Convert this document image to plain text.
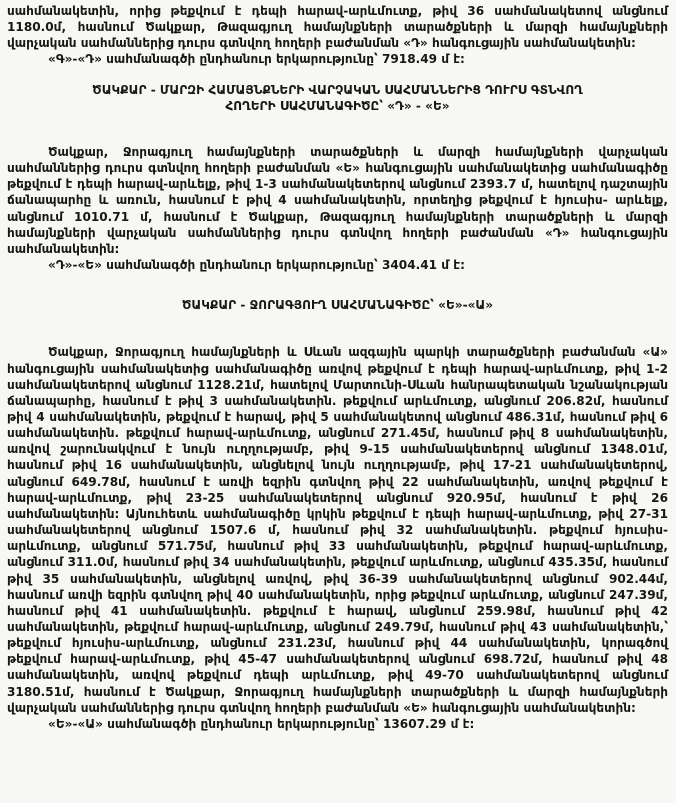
սահմանակետին, որից թեքվում է դեպի հարավ-արևմուտք, թիվ 36 սահմանակետով անցնում 1180.0մ, հասնում Ծակքար, Թազագյուղ համայնքների տարածքների և մարզի համայնքների վարչական սահմաններից դուրս գտնվող հողերի բաժանման «Դ» հանգուցային սահմանակետին:

«Գ»-«Դ» սահմանագծի ընդհանուր երկարությունը՝ 7918.49 մ է:

ԾԱԿՔԱՐ - ՄԱՐԶԻ ՀԱՄԱՅՆՔՆԵՐԻ ՎԱՐՉԱԿԱՆ ՍԱՀՄԱՆՆԵՐԻՑ ԴՈՒՐՍ ԳՏՆՎՈՂ
ՀՈՂԵՐԻ ՍԱՀՄԱՆԱԳԻԾԸ՝ «Դ» - «Ե»

Ծակքար, Ջորագյուղ համայնքների տարածքների և մարզի համայնքների վարչական սահմաններից դուրս գտնվող հողերի բաժանման «Ե» հանգուցային սահմանակետից սահմանագիծը թեքվում է դեպի հարավ-արևելք, թիվ 1-3 սահմանակետերով անցնում 2393.7 մ, հատելով դաշտային ճանապարհը և առուն, հասնում է թիվ 4 սահմանակետին, որտեղից թեքվում է հյուսիս- արևելք, անցնում 1010.71 մ, հասնում է Ծակքար, Թազագյուղ համայնքների տարածքների և մարզի համայնքների վարչական սահմաններից դուրս գտնվող հողերի բաժանման «Դ» հանգուցային սահմանակետին:

«Դ»-«Ե» սահմանագծի ընդհանուր երկարությունը՝ 3404.41 մ է:

ԾԱԿՔԱՐ - ՋՈՐԱԳՅՈՒՂ ՍԱՀՄԱՆԱԳԻԾԸ՝ «Ե»-«Ա»

Ծակքար, Ջորագյուղ համայնքների և Սևան ազգային պարկի տարածքների բաժանման «Ա» հանգուցային սահմանակետից սահմանագիծը առվով թեքվում է դեպի հարավ-արևմուտք, թիվ 1-2 սահմանակետերով անցնում 1128.21մ, հատելով Մարտունի-Սևան հանրապետական նշանակության ճանապարհը, հասնում է թիվ 3 սահմանակետին. թեքվում արևմուտք, անցնում 206.82մ, հասնում թիվ 4 սահմանակետին, թեքվում է հարավ, թիվ 5 սահմանակետով անցնում 486.31մ, հասնում թիվ 6 սահմանակետին. թեքվում հարավ-արևմուտք, անցնում 271.45մ, հասնում թիվ 8 սահմանակետին, առվով շարունակվում է նույն ուղղությամբ, թիվ 9-15 սահմանակետերով անցնում 1348.01մ, հասնում թիվ 16 սահմանակետին, անցնելով նույն ուղղությամբ, թիվ 17-21 սահմանակետերով, անցնում 649.78մ, հասնում է առվի եզրին գտնվող թիվ 22 սահմանակետին, առվով թեքվում է հարավ-արևմուտք, թիվ 23-25 սահմանակետերով անցնում 920.95մ, հասնում է թիվ 26 սահմանակետին: Այնուհետև սահմանագիծը կրկին թեքվում է դեպի հարավ-արևմուտք, թիվ 27-31 սահմանակետերով անցնում 1507.6 մ, հասնում թիվ 32 սահմանակետին. թեքվում հյուսիս-արևմուտք, անցնում 571.75մ, հասնում թիվ 33 սահմանակետին, թեքվում հարավ-արևմուտք, անցնում 311.0մ, հասնում թիվ 34 սահմանակետին, թեքվում արևմուտք, անցնում 435.35մ, հասնում թիվ 35 սահմանակետին, անցնելով առվով, թիվ 36-39 սահմանակետերով անցնում 902.44մ, հասնում առվի եզրին գտնվող թիվ 40 սահմանակետին, որից թեքվում արևմուտք, անցնում 247.39մ, հասնում թիվ 41 սահմանակետին. թեքվում է հարավ, անցնում 259.98մ, հասնում թիվ 42 սահմանակետին, թեքվում հարավ-արևմուտք, անցնում 249.79մ, հասնում թիվ 43 սահմանակետին,՝ թեքվում հյուսիս-արևմուտք, անցնում 231.23մ, հասնում թիվ 44 սահմանակետին, կորագծով թեքվում հարավ-արևմուտք, թիվ 45-47 սահմանակետերով անցնում 698.72մ, հասնում թիվ 48 սահմանակետին, առվով թեքվում դեպի արևմուտք, թիվ 49-70 սահմանակետերով անցնում 3180.51մ, հասնում է Ծակքար, Ջորագյուղ համայնքների տարածքների և մարզի համայնքների վարչական սահմաններից դուրս գտնվող հողերի բաժանման «Ե» հանգուցային սահմանակետին:

«Ե»-«Ա» սահմանագծի ընդհանուր երկարությունը՝ 13607.29 մ է:
